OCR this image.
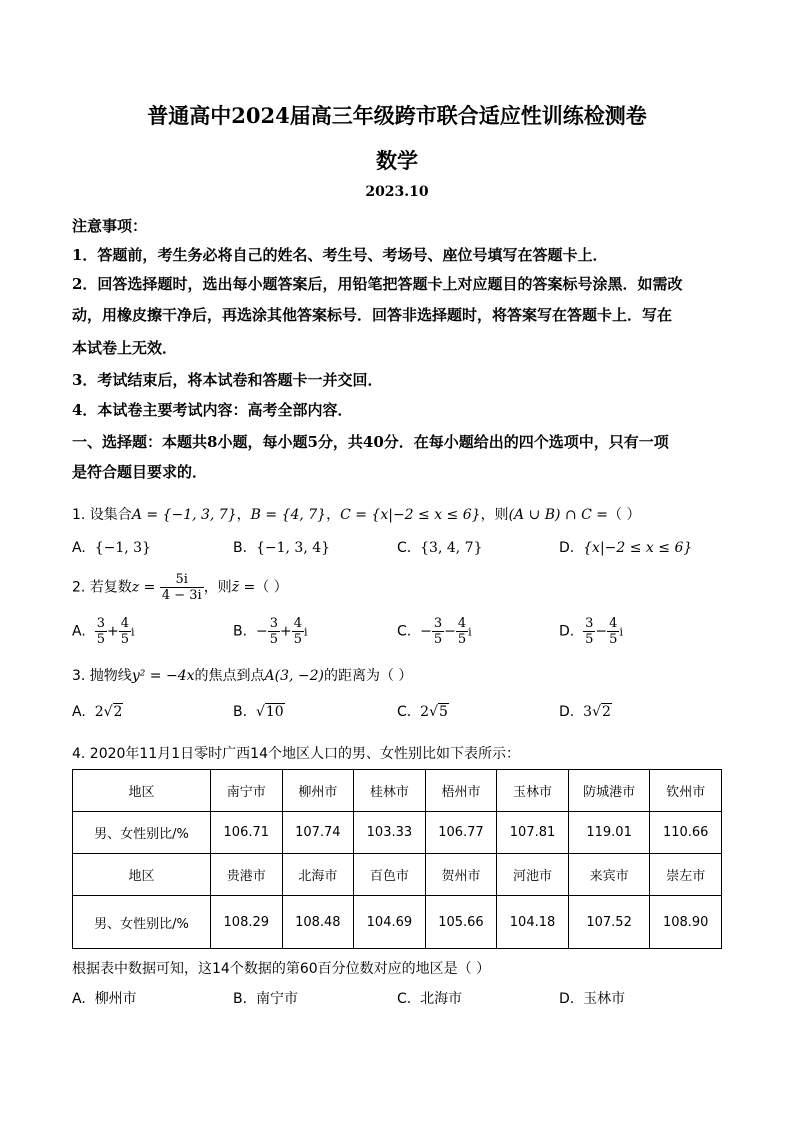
普通高中2024届高三年级跨市联合适应性训练检测卷
数学
2023.10
注意事项：
1．答题前，考生务必将自己的姓名、考生号、考场号、座位号填写在答题卡上．
2．回答选择题时，选出每小题答案后，用铅笔把答题卡上对应题目的答案标号涂黑．如需改
动，用橡皮擦干净后，再选涂其他答案标号．回答非选择题时，将答案写在答题卡上．写在
本试卷上无效．
3．考试结束后，将本试卷和答题卡一并交回．
4．本试卷主要考试内容：高考全部内容．
一、选择题：本题共8小题，每小题5分，共40分．在每小题给出的四个选项中，只有一项
是符合题目要求的．
1. 设集合A = {−1, 3, 7}，B = {4, 7}，C = {x|−2 ≤ x ≤ 6}，则(A ∪ B) ∩ C =（ ）
A. {−1, 3}	B. {−1, 3, 4}	C. {3, 4, 7}	D. {x|−2 ≤ x ≤ 6}
2. 若复数$z = \frac{5i}{4 - 3i}$ ，则z̄ =（ ）
A. $\frac{3}{5} + \frac{4}{5}$ i	B. − $\frac{3}{5} + \frac{4}{5}$ i	C. − $\frac{3}{5} - \frac{4}{5}$ i	D. $\frac{3}{5} - \frac{4}{5}$ i
3. 抛物线y² = −4x的焦点到点A(3, −2)的距离为（ ）
A. 2√2	B. √10	C. 2√5	D. 3√2
4. 2020年11月1日零时广西14个地区人口的男、女性别比如下表所示：
地区	南宁市	柳州市	桂林市	梧州市	玉林市	防城港市	钦州市
男、女性别比/%	106.71	107.74	103.33	106.77	107.81	119.01	110.66
地区	贵港市	北海市	百色市	贺州市	河池市	来宾市	崇左市
男、女性别比/%	108.29	108.48	104.69	105.66	104.18	107.52	108.90
根据表中数据可知，这14个数据的第60百分位数对应的地区是（ ）
A. 柳州市	B. 南宁市	C. 北海市	D. 玉林市
